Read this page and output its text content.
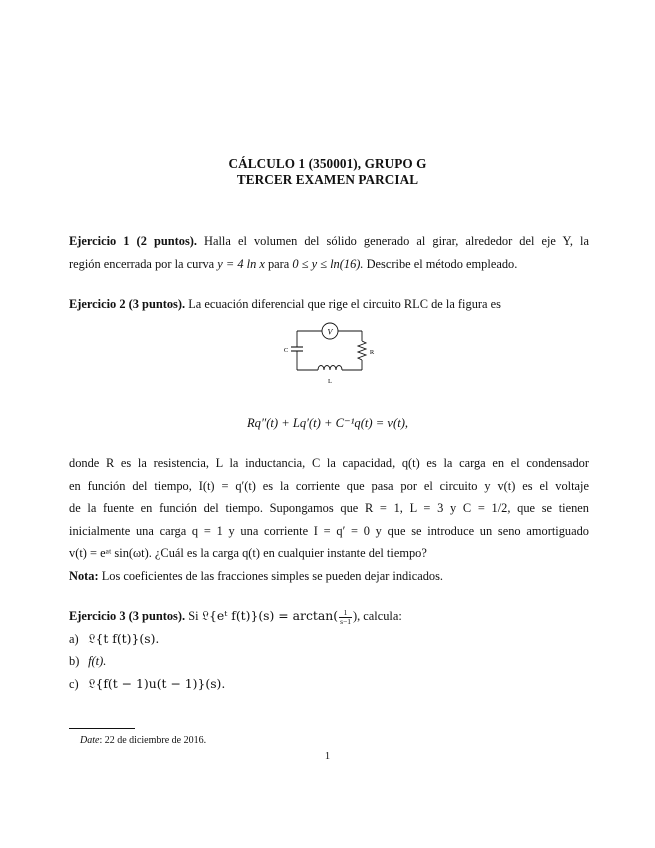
CÁLCULO 1 (350001), GRUPO G
TERCER EXAMEN PARCIAL
Ejercicio 1 (2 puntos). Halla el volumen del sólido generado al girar, alrededor del eje Y, la
región encerrada por la curva y = 4 ln x para 0 ≤ y ≤ ln(16). Describe el método empleado.
Ejercicio 2 (3 puntos). La ecuación diferencial que rige el circuito RLC de la figura es
V
C	R
L
Rq″(t) + Lq′(t) + C⁻¹q(t) = v(t),
donde R es la resistencia, L la inductancia, C la capacidad, q(t) es la carga en el condensador
en función del tiempo, I(t) = q′(t) es la corriente que pasa por el circuito y v(t) es el voltaje
de la fuente en función del tiempo. Supongamos que R = 1, L = 3 y C = 1/2, que se tienen
inicialmente una carga q = 1 y una corriente I = q′ = 0 y que se introduce un seno amortiguado
v(t) = eᵃᵗ sin(ωt). ¿Cuál es la carga q(t) en cualquier instante del tiempo?
Nota: Los coeficientes de las fracciones simples se pueden dejar indicados.
Ejercicio 3 (3 puntos). Si 𝔏{eᵗ $f(t)\}(s) = \arctan( \frac{1}{s-1}$ ), calcula:
a) 𝔏{t f(t)}(s).
b) f(t).
c) 𝔏{f(t − 1)u(t − 1)}(s).
Date: 22 de diciembre de 2016.
1
